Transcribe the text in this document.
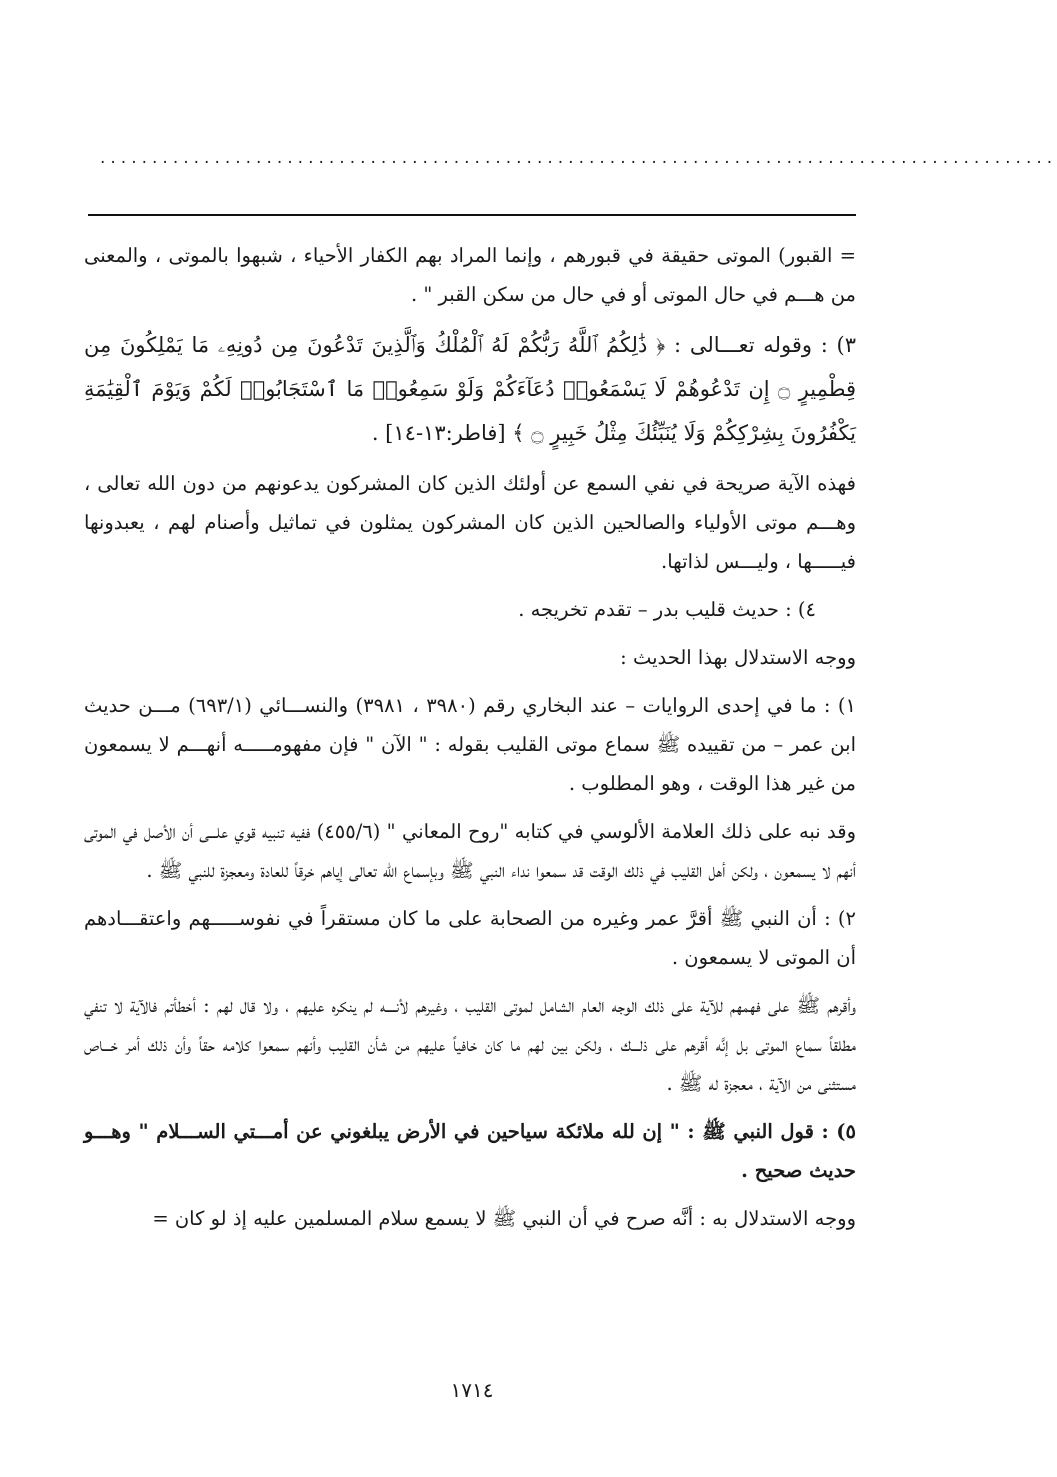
............................................................................................

= القبور) الموتى حقيقة في قبورهم ، وإنما المراد بهم الكفار الأحياء ، شبهوا بالموتى ، والمعنى من هـــم في حال الموتى أو في حال من سكن القبر " .

٣) : وقوله تعـــالى : ﴿ ذَٰلِكُمُ ٱللَّهُ رَبُّكُمْ لَهُ ٱلْمُلْكُ وَٱلَّذِينَ تَدْعُونَ مِن دُونِهِۦ مَا يَمْلِكُونَ مِن قِطْمِيرٍ ۝ إِن تَدْعُوهُمْ لَا يَسْمَعُوا۟ دُعَآءَكُمْ وَلَوْ سَمِعُوا۟ مَا ٱسْتَجَابُوا۟ لَكُمْ وَيَوْمَ ٱلْقِيَٰمَةِ يَكْفُرُونَ بِشِرْكِكُمْ وَلَا يُنَبِّئُكَ مِثْلُ خَبِيرٍ ۝ ﴾ [فاطر:١٣-١٤] .

فهذه الآية صريحة في نفي السمع عن أولئك الذين كان المشركون يدعونهم من دون الله تعالى ، وهـــم موتى الأولياء والصالحين الذين كان المشركون يمثلون في تماثيل وأصنام لهم ، يعبدونها فيـــــها ، وليـــس لذاتها.

٤) : حديث قليب بدر – تقدم تخريجه .

ووجه الاستدلال بهذا الحديث :

١) : ما في إحدى الروايات – عند البخاري رقم (٣٩٨٠ ، ٣٩٨١) والنســـائي (٦٩٣/١) مـــن حديث ابن عمر – من تقييده ﷺ سماع موتى القليب بقوله : " الآن " فإن مفهومـــــه أنهـــم لا يسمعون من غير هذا الوقت ، وهو المطلوب .

وقد نبه على ذلك العلامة الألوسي في كتابه "روح المعاني " (٤٥٥/٦) ففيه تنبيه قوي علـــى أن الأصل في الموتى أنهم لا يسمعون ، ولكن أهل القليب في ذلك الوقت قد سمعوا نداء النبي ﷺ وبإسماع الله تعالى إياهم خرقاً للعادة ومعجزة للنبي ﷺ .

٢) : أن النبي ﷺ أقرَّ عمر وغيره من الصحابة على ما كان مستقراً في نفوســـــهم واعتقـــادهم أن الموتى لا يسمعون .

وأقرهم ﷺ على فهمهم للآية على ذلك الوجه العام الشامل لموتى القليب ، وغيرهم لأنــــه لم ينكره عليهم ، ولا قال لهم : أخطأتم فالآية لا تنفي مطلقاً سماع الموتى بل إنَّه أقرهم على ذلـــك ، ولكن بين لهم ما كان خافياً عليهم من شأن القليب وأنهم سمعوا كلامه حقاً وأن ذلك أمر خـــاص مستثنى من الآية ، معجزة له ﷺ .

٥) : قول النبي ﷺ : " إن لله ملائكة سياحين في الأرض يبلغوني عن أمـــتي الســـلام " وهـــو حديث صحيح .

ووجه الاستدلال به : أنَّه صرح في أن النبي ﷺ لا يسمع سلام المسلمين عليه إذ لو كان =

١٧١٤
